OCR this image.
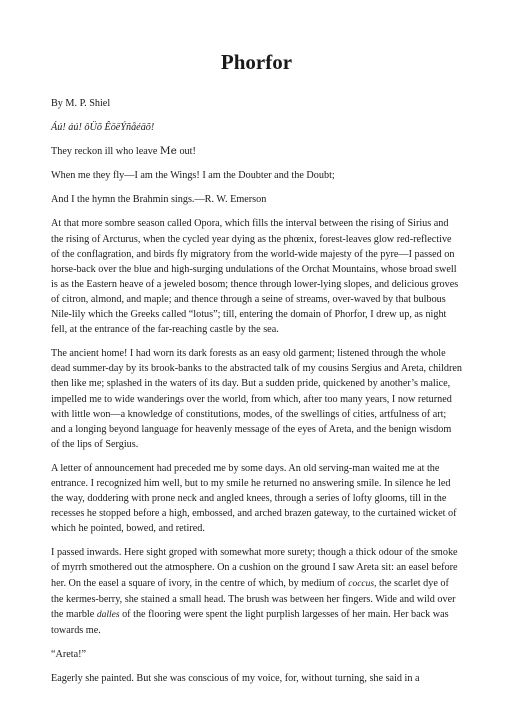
Phorfor

By M. P. Shiel

Áú! áú! ôÜõ ÊöëÝñåéäõ!

They reckon ill who leave Me out!

When me they fly—I am the Wings! I am the Doubter and the Doubt;

And I the hymn the Brahmin sings.—R. W. Emerson

At that more sombre season called Opora, which fills the interval between the rising of Sirius and the rising of Arcturus, when the cycled year dying as the phœnix, forest-leaves glow red-reflective of the conflagration, and birds fly migratory from the world-wide majesty of the pyre—I passed on horse-back over the blue and high-surging undulations of the Orchat Mountains, whose broad swell is as the Eastern heave of a jeweled bosom; thence through lower-lying slopes, and delicious groves of citron, almond, and maple; and thence through a seine of streams, over-waved by that bulbous Nile-lily which the Greeks called “lotus”; till, entering the domain of Phorfor, I drew up, as night fell, at the entrance of the far-reaching castle by the sea.

The ancient home! I had worn its dark forests as an easy old garment; listened through the whole dead summer-day by its brook-banks to the abstracted talk of my cousins Sergius and Areta, children then like me; splashed in the waters of its day. But a sudden pride, quickened by another’s malice, impelled me to wide wanderings over the world, from which, after too many years, I now returned with little won—a knowledge of constitutions, modes, of the swellings of cities, artfulness of art; and a longing beyond language for heavenly message of the eyes of Areta, and the benign wisdom of the lips of Sergius.

A letter of announcement had preceded me by some days. An old serving-man waited me at the entrance. I recognized him well, but to my smile he returned no answering smile. In silence he led the way, doddering with prone neck and angled knees, through a series of lofty glooms, till in the recesses he stopped before a high, embossed, and arched brazen gateway, to the curtained wicket of which he pointed, bowed, and retired.

I passed inwards. Here sight groped with somewhat more surety; though a thick odour of the smoke of myrrh smothered out the atmosphere. On a cushion on the ground I saw Areta sit: an easel before her. On the easel a square of ivory, in the centre of which, by medium of coccus, the scarlet dye of the kermes-berry, she stained a small head. The brush was between her fingers. Wide and wild over the marble dalles of the flooring were spent the light purplish largesses of her main. Her back was towards me.

“Areta!”

Eagerly she painted. But she was conscious of my voice, for, without turning, she said in a
